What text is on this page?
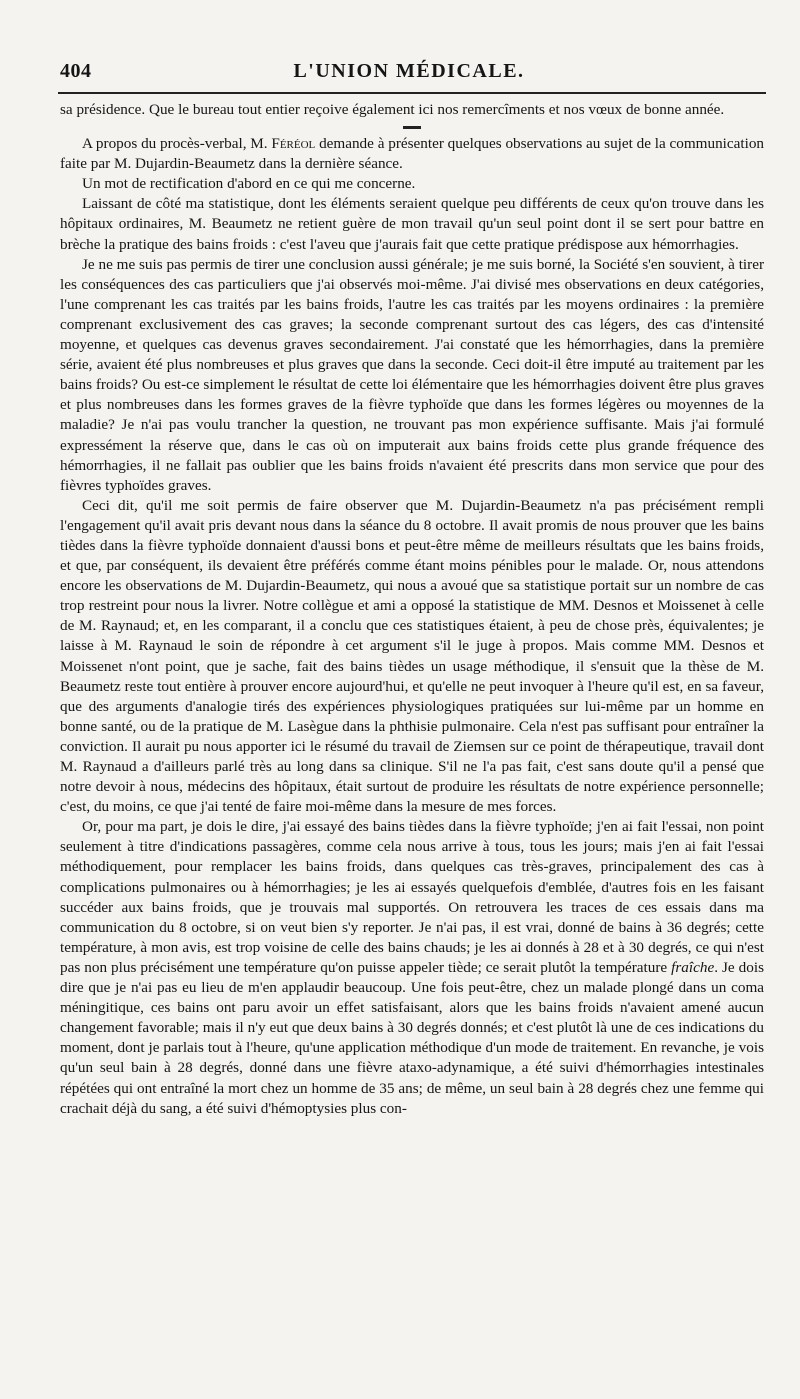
404	L'UNION MÉDICALE.

sa présidence. Que le bureau tout entier reçoive également ici nos remercîments et nos vœux de bonne année.

A propos du procès-verbal, M. Féréol demande à présenter quelques observations au sujet de la communication faite par M. Dujardin-Beaumetz dans la dernière séance.

Un mot de rectification d'abord en ce qui me concerne.

Laissant de côté ma statistique, dont les éléments seraient quelque peu différents de ceux qu'on trouve dans les hôpitaux ordinaires, M. Beaumetz ne retient guère de mon travail qu'un seul point dont il se sert pour battre en brèche la pratique des bains froids : c'est l'aveu que j'aurais fait que cette pratique prédispose aux hémorrhagies.

Je ne me suis pas permis de tirer une conclusion aussi générale; je me suis borné, la Société s'en souvient, à tirer les conséquences des cas particuliers que j'ai observés moi-même. J'ai divisé mes observations en deux catégories, l'une comprenant les cas traités par les bains froids, l'autre les cas traités par les moyens ordinaires : la première comprenant exclusivement des cas graves; la seconde comprenant surtout des cas légers, des cas d'intensité moyenne, et quelques cas devenus graves secondairement. J'ai constaté que les hémorrhagies, dans la première série, avaient été plus nombreuses et plus graves que dans la seconde. Ceci doit-il être imputé au traitement par les bains froids? Ou est-ce simplement le résultat de cette loi élémentaire que les hémorrhagies doivent être plus graves et plus nombreuses dans les formes graves de la fièvre typhoïde que dans les formes légères ou moyennes de la maladie? Je n'ai pas voulu trancher la question, ne trouvant pas mon expérience suffisante. Mais j'ai formulé expressément la réserve que, dans le cas où on imputerait aux bains froids cette plus grande fréquence des hémorrhagies, il ne fallait pas oublier que les bains froids n'avaient été prescrits dans mon service que pour des fièvres typhoïdes graves.

Ceci dit, qu'il me soit permis de faire observer que M. Dujardin-Beaumetz n'a pas précisément rempli l'engagement qu'il avait pris devant nous dans la séance du 8 octobre. Il avait promis de nous prouver que les bains tièdes dans la fièvre typhoïde donnaient d'aussi bons et peut-être même de meilleurs résultats que les bains froids, et que, par conséquent, ils devaient être préférés comme étant moins pénibles pour le malade. Or, nous attendons encore les observations de M. Dujardin-Beaumetz, qui nous a avoué que sa statistique portait sur un nombre de cas trop restreint pour nous la livrer. Notre collègue et ami a opposé la statistique de MM. Desnos et Moissenet à celle de M. Raynaud; et, en les comparant, il a conclu que ces statistiques étaient, à peu de chose près, équivalentes; je laisse à M. Raynaud le soin de répondre à cet argument s'il le juge à propos. Mais comme MM. Desnos et Moissenet n'ont point, que je sache, fait des bains tièdes un usage méthodique, il s'ensuit que la thèse de M. Beaumetz reste tout entière à prouver encore aujourd'hui, et qu'elle ne peut invoquer à l'heure qu'il est, en sa faveur, que des arguments d'analogie tirés des expériences physiologiques pratiquées sur lui-même par un homme en bonne santé, ou de la pratique de M. Lasègue dans la phthisie pulmonaire. Cela n'est pas suffisant pour entraîner la conviction. Il aurait pu nous apporter ici le résumé du travail de Ziemsen sur ce point de thérapeutique, travail dont M. Raynaud a d'ailleurs parlé très au long dans sa clinique. S'il ne l'a pas fait, c'est sans doute qu'il a pensé que notre devoir à nous, médecins des hôpitaux, était surtout de produire les résultats de notre expérience personnelle; c'est, du moins, ce que j'ai tenté de faire moi-même dans la mesure de mes forces.

Or, pour ma part, je dois le dire, j'ai essayé des bains tièdes dans la fièvre typhoïde; j'en ai fait l'essai, non point seulement à titre d'indications passagères, comme cela nous arrive à tous, tous les jours; mais j'en ai fait l'essai méthodiquement, pour remplacer les bains froids, dans quelques cas très-graves, principalement des cas à complications pulmonaires ou à hémorrhagies; je les ai essayés quelquefois d'emblée, d'autres fois en les faisant succéder aux bains froids, que je trouvais mal supportés. On retrouvera les traces de ces essais dans ma communication du 8 octobre, si on veut bien s'y reporter. Je n'ai pas, il est vrai, donné de bains à 36 degrés; cette température, à mon avis, est trop voisine de celle des bains chauds; je les ai donnés à 28 et à 30 degrés, ce qui n'est pas non plus précisément une température qu'on puisse appeler tiède; ce serait plutôt la température fraîche. Je dois dire que je n'ai pas eu lieu de m'en applaudir beaucoup. Une fois peut-être, chez un malade plongé dans un coma méningitique, ces bains ont paru avoir un effet satisfaisant, alors que les bains froids n'avaient amené aucun changement favorable; mais il n'y eut que deux bains à 30 degrés donnés; et c'est plutôt là une de ces indications du moment, dont je parlais tout à l'heure, qu'une application méthodique d'un mode de traitement. En revanche, je vois qu'un seul bain à 28 degrés, donné dans une fièvre ataxo-adynamique, a été suivi d'hémorrhagies intestinales répétées qui ont entraîné la mort chez un homme de 35 ans; de même, un seul bain à 28 degrés chez une femme qui crachait déjà du sang, a été suivi d'hémoptysies plus con-
